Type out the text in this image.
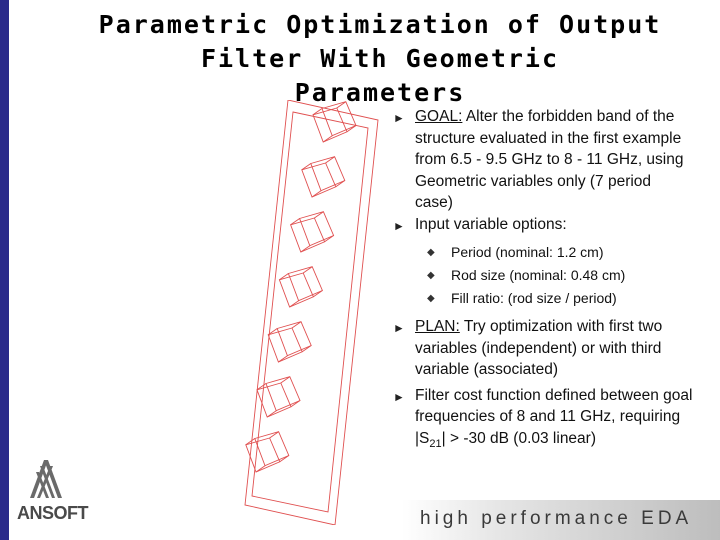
Parametric Optimization of Output
Filter With Geometric
Parameters
► GOAL: Alter the forbidden band of the structure evaluated in the first example from 6.5 - 9.5 GHz to 8 - 11 GHz, using Geometric variables only (7 period case)
► Input variable options:
◆ Period (nominal: 1.2 cm)
◆ Rod size (nominal: 0.48 cm)
◆ Fill ratio: (rod size / period)
► PLAN: Try optimization with first two variables (independent) or with third variable (associated)
► Filter cost function defined between goal frequencies of 8 and 11 GHz, requiring $|S_{21}| > -30$ dB (0.03 linear)
ANSOFT	high performance EDA
